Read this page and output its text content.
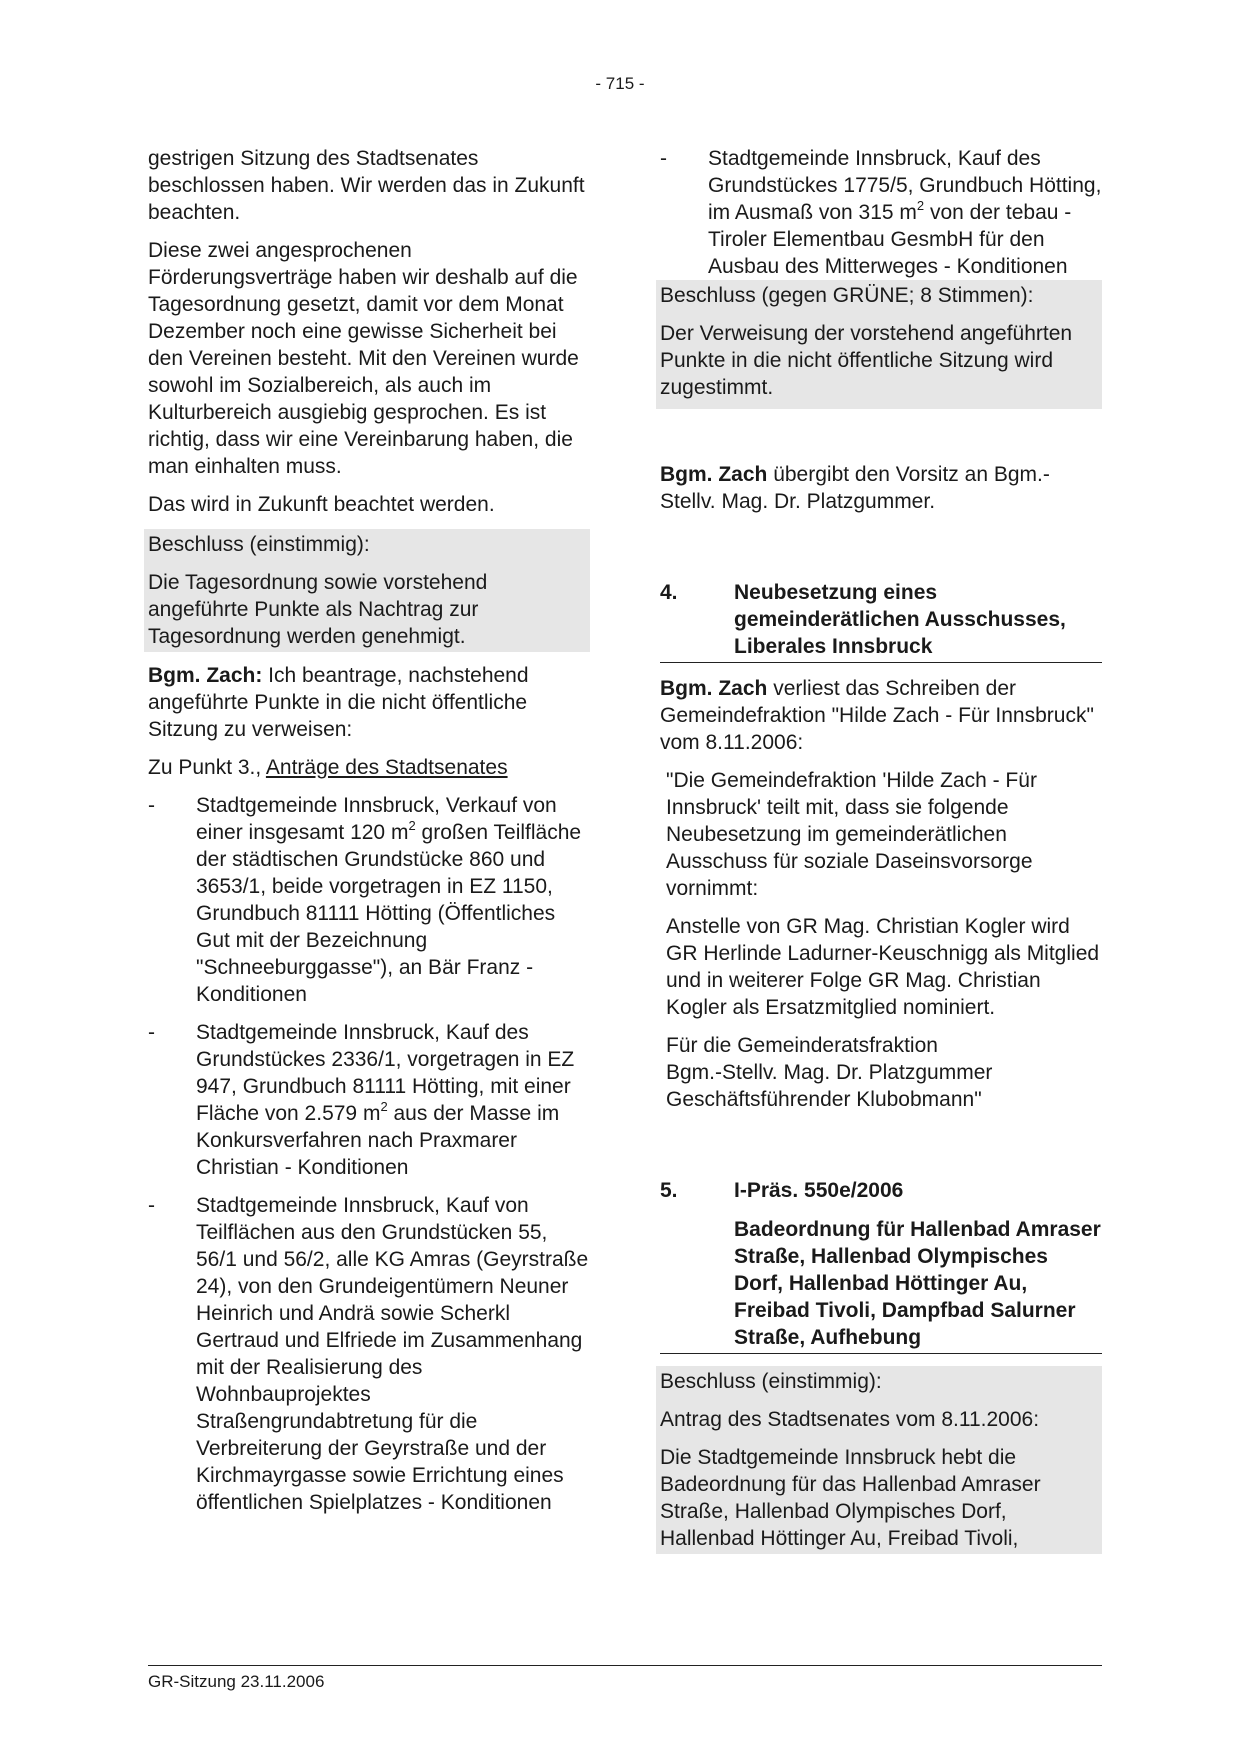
- 715 -

gestrigen Sitzung des Stadtsenates beschlossen haben. Wir werden das in Zukunft beachten.

Diese zwei angesprochenen Förderungsverträge haben wir deshalb auf die Tagesordnung gesetzt, damit vor dem Monat Dezember noch eine gewisse Sicherheit bei den Vereinen besteht. Mit den Vereinen wurde sowohl im Sozialbereich, als auch im Kulturbereich ausgiebig gesprochen. Es ist richtig, dass wir eine Vereinbarung haben, die man einhalten muss.

Das wird in Zukunft beachtet werden.

Beschluss (einstimmig):

Die Tagesordnung sowie vorstehend angeführte Punkte als Nachtrag zur Tagesordnung werden genehmigt.

Bgm. Zach: Ich beantrage, nachstehend angeführte Punkte in die nicht öffentliche Sitzung zu verweisen:

Zu Punkt 3., Anträge des Stadtsenates

- Stadtgemeinde Innsbruck, Verkauf von einer insgesamt 120 $m^2$ großen Teilfläche der städtischen Grundstücke 860 und 3653/1, beide vorgetragen in EZ 1150, Grundbuch 81111 Hötting (Öffentliches Gut mit der Bezeichnung "Schneeburggasse"), an Bär Franz - Konditionen
- Stadtgemeinde Innsbruck, Kauf des Grundstückes 2336/1, vorgetragen in EZ 947, Grundbuch 81111 Hötting, mit einer Fläche von 2.579 $m^2$ aus der Masse im Konkursverfahren nach Praxmarer Christian - Konditionen
- Stadtgemeinde Innsbruck, Kauf von Teilflächen aus den Grundstücken 55, 56/1 und 56/2, alle KG Amras (Geyrstraße 24), von den Grundeigentümern Neuner Heinrich und Andrä sowie Scherkl Gertraud und Elfriede im Zusammenhang mit der Realisierung des Wohnbauprojektes Straßengrundabtretung für die Verbreiterung der Geyrstraße und der Kirchmayrgasse sowie Errichtung eines öffentlichen Spielplatzes - Konditionen
- Stadtgemeinde Innsbruck, Kauf des Grundstückes 1775/5, Grundbuch Hötting, im Ausmaß von 315 $m^2$ von der tebau - Tiroler Elementbau GesmbH für den Ausbau des Mitterweges - Konditionen

Beschluss (gegen GRÜNE; 8 Stimmen):

Der Verweisung der vorstehend angeführten Punkte in die nicht öffentliche Sitzung wird zugestimmt.

Bgm. Zach übergibt den Vorsitz an Bgm.-Stellv. Mag. Dr. Platzgummer.

4.	Neubesetzung eines gemeinderätlichen Ausschusses, Liberales Innsbruck

Bgm. Zach verliest das Schreiben der Gemeindefraktion "Hilde Zach - Für Innsbruck" vom 8.11.2006:

"Die Gemeindefraktion 'Hilde Zach - Für Innsbruck' teilt mit, dass sie folgende Neubesetzung im gemeinderätlichen Ausschuss für soziale Daseinsvorsorge vornimmt:

Anstelle von GR Mag. Christian Kogler wird GR Herlinde Ladurner-Keuschnigg als Mitglied und in weiterer Folge GR Mag. Christian Kogler als Ersatzmitglied nominiert.

Für die Gemeinderatsfraktion
Bgm.-Stellv. Mag. Dr. Platzgummer
Geschäftsführender Klubobmann"

5.	I-Präs. 550e/2006
Badeordnung für Hallenbad Amraser Straße, Hallenbad Olympisches Dorf, Hallenbad Höttinger Au, Freibad Tivoli, Dampfbad Salurner Straße, Aufhebung

Beschluss (einstimmig):

Antrag des Stadtsenates vom 8.11.2006:

Die Stadtgemeinde Innsbruck hebt die Badeordnung für das Hallenbad Amraser Straße, Hallenbad Olympisches Dorf, Hallenbad Höttinger Au, Freibad Tivoli,

GR-Sitzung 23.11.2006
